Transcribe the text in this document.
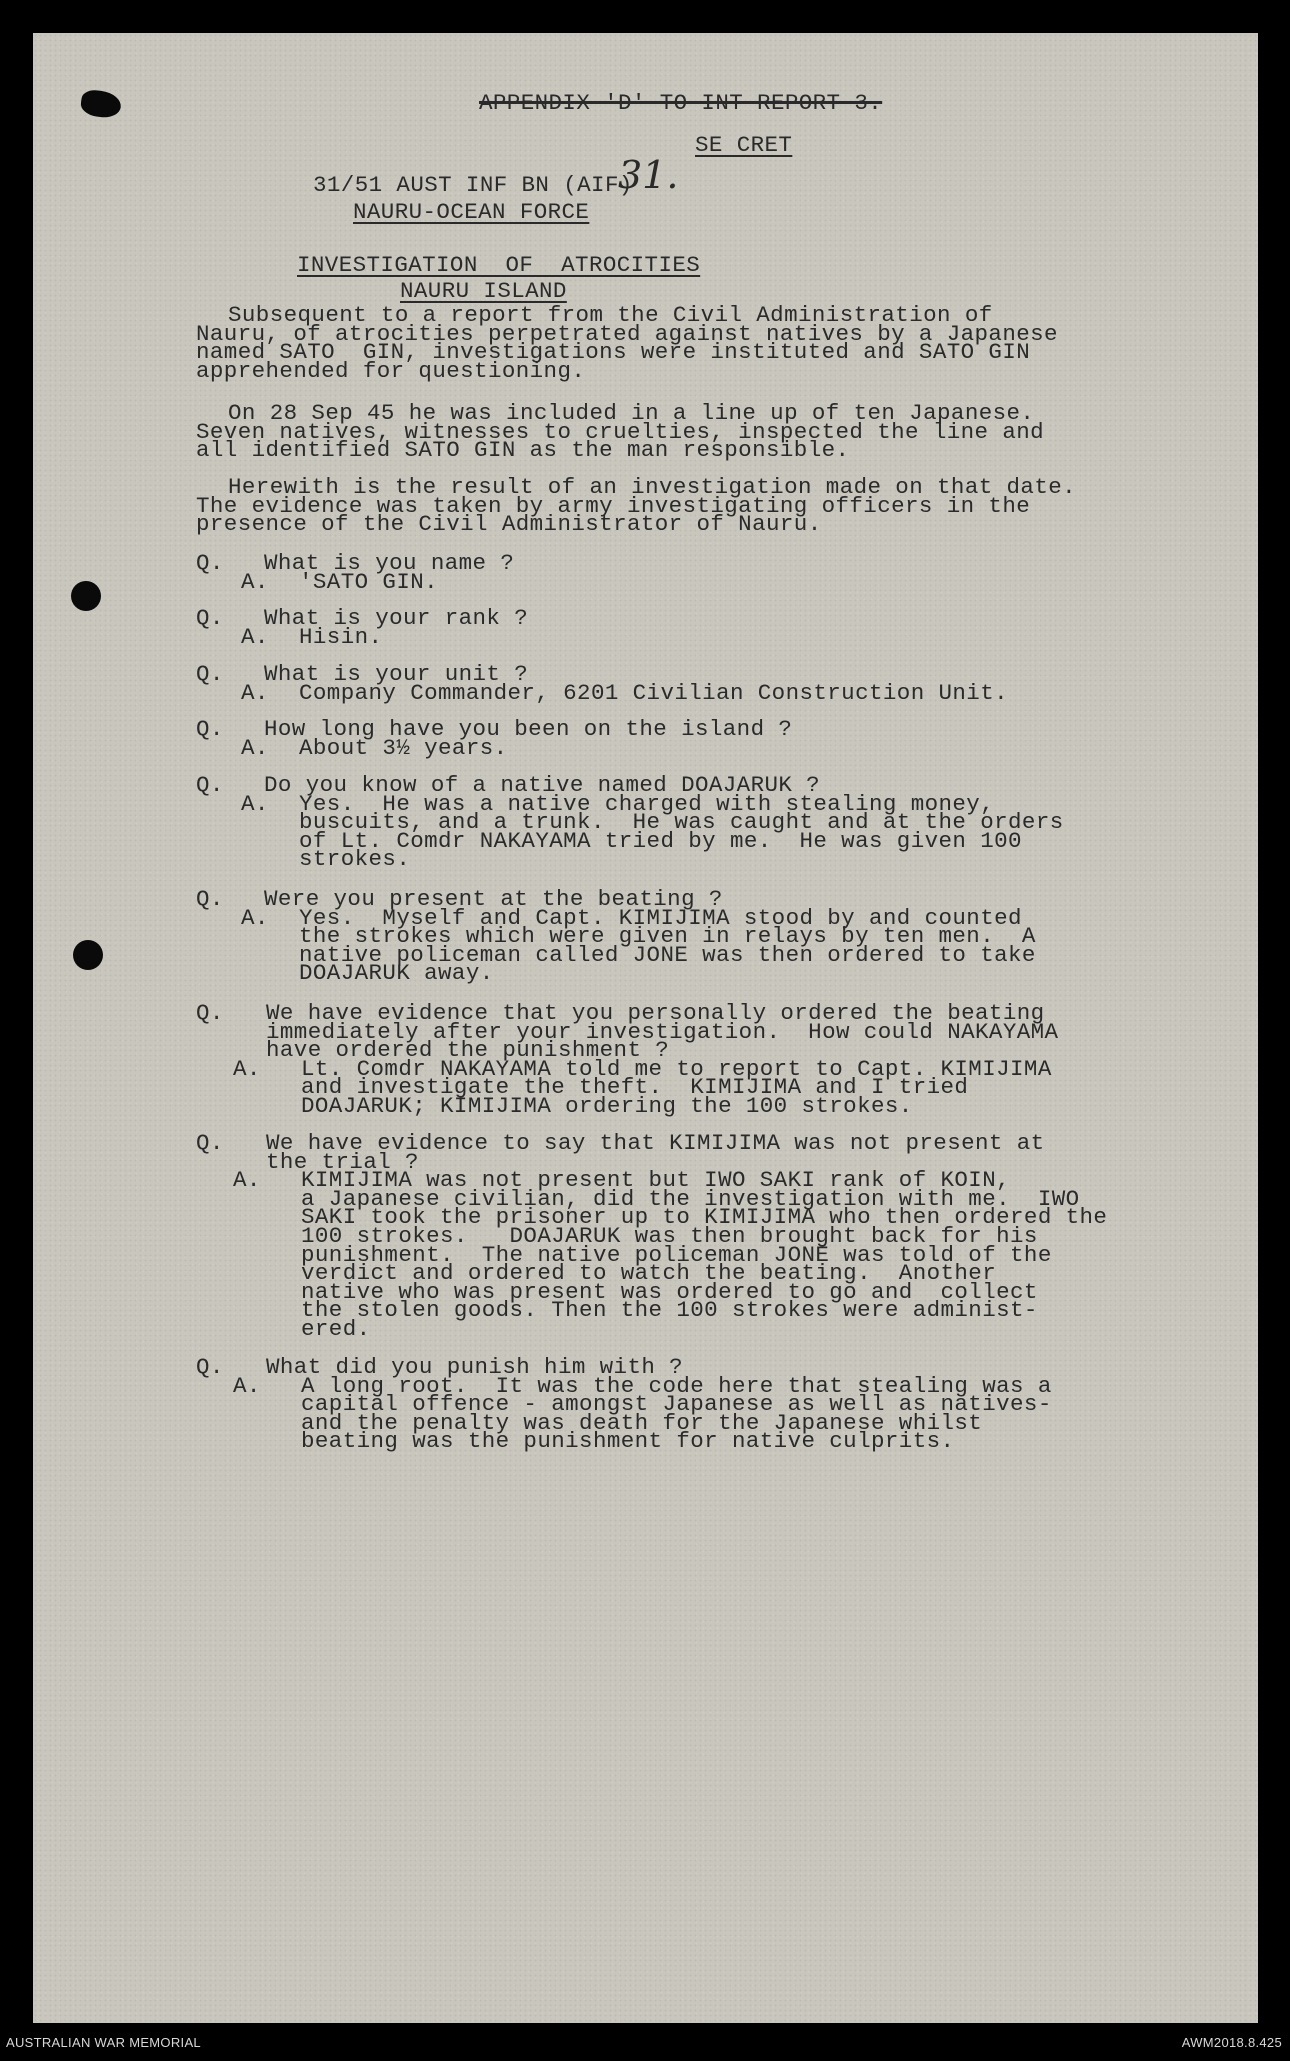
APPENDIX 'D' TO INT REPORT 3.
31.
SE CRET
31/51 AUST INF BN (AIF)
NAURU-OCEAN FORCE
INVESTIGATION  OF  ATROCITIES
NAURU ISLAND
Subsequent to a report from the Civil Administration of
Nauru, of atrocities perpetrated against natives by a Japanese
named SATO  GIN, investigations were instituted and SATO GIN
apprehended for questioning.
On 28 Sep 45 he was included in a line up of ten Japanese.
Seven natives, witnesses to cruelties, inspected the line and
all identified SATO GIN as the man responsible.
Herewith is the result of an investigation made on that date.
The evidence was taken by army investigating officers in the
presence of the Civil Administrator of Nauru.
Q. What is you name ?
A. 'SATO GIN.
Q. What is your rank ?
A. Hisin.
Q. What is your unit ?
A. Company Commander, 6201 Civilian Construction Unit.
Q. How long have you been on the island ?
A. About 3½ years.
Q. Do you know of a native named DOAJARUK ?
A. Yes.  He was a native charged with stealing money,
buscuits, and a trunk.  He was caught and at the orders
of Lt. Comdr NAKAYAMA tried by me.  He was given 100
strokes.
Q. Were you present at the beating ?
A. Yes.  Myself and Capt. KIMIJIMA stood by and counted
the strokes which were given in relays by ten men.  A
native policeman called JONE was then ordered to take
DOAJARUK away.
Q. We have evidence that you personally ordered the beating
immediately after your investigation.  How could NAKAYAMA
have ordered the punishment ?
A. Lt. Comdr NAKAYAMA told me to report to Capt. KIMIJIMA
and investigate the theft.  KIMIJIMA and I tried
DOAJARUK; KIMIJIMA ordering the 100 strokes.
Q. We have evidence to say that KIMIJIMA was not present at
the trial ?
A. KIMIJIMA was not present but IWO SAKI rank of KOIN,
a Japanese civilian, did the investigation with me.  IWO
SAKI took the prisoner up to KIMIJIMA who then ordered the
100 strokes.   DOAJARUK was then brought back for his
punishment.  The native policeman JONE was told of the
verdict and ordered to watch the beating.  Another
native who was present was ordered to go and  collect
the stolen goods. Then the 100 strokes were administ-
ered.
Q. What did you punish him with ?
A. A long root.  It was the code here that stealing was a
capital offence - amongst Japanese as well as natives-
and the penalty was death for the Japanese whilst
beating was the punishment for native culprits.
AUSTRALIAN WAR MEMORIAL	AWM2018.8.425
